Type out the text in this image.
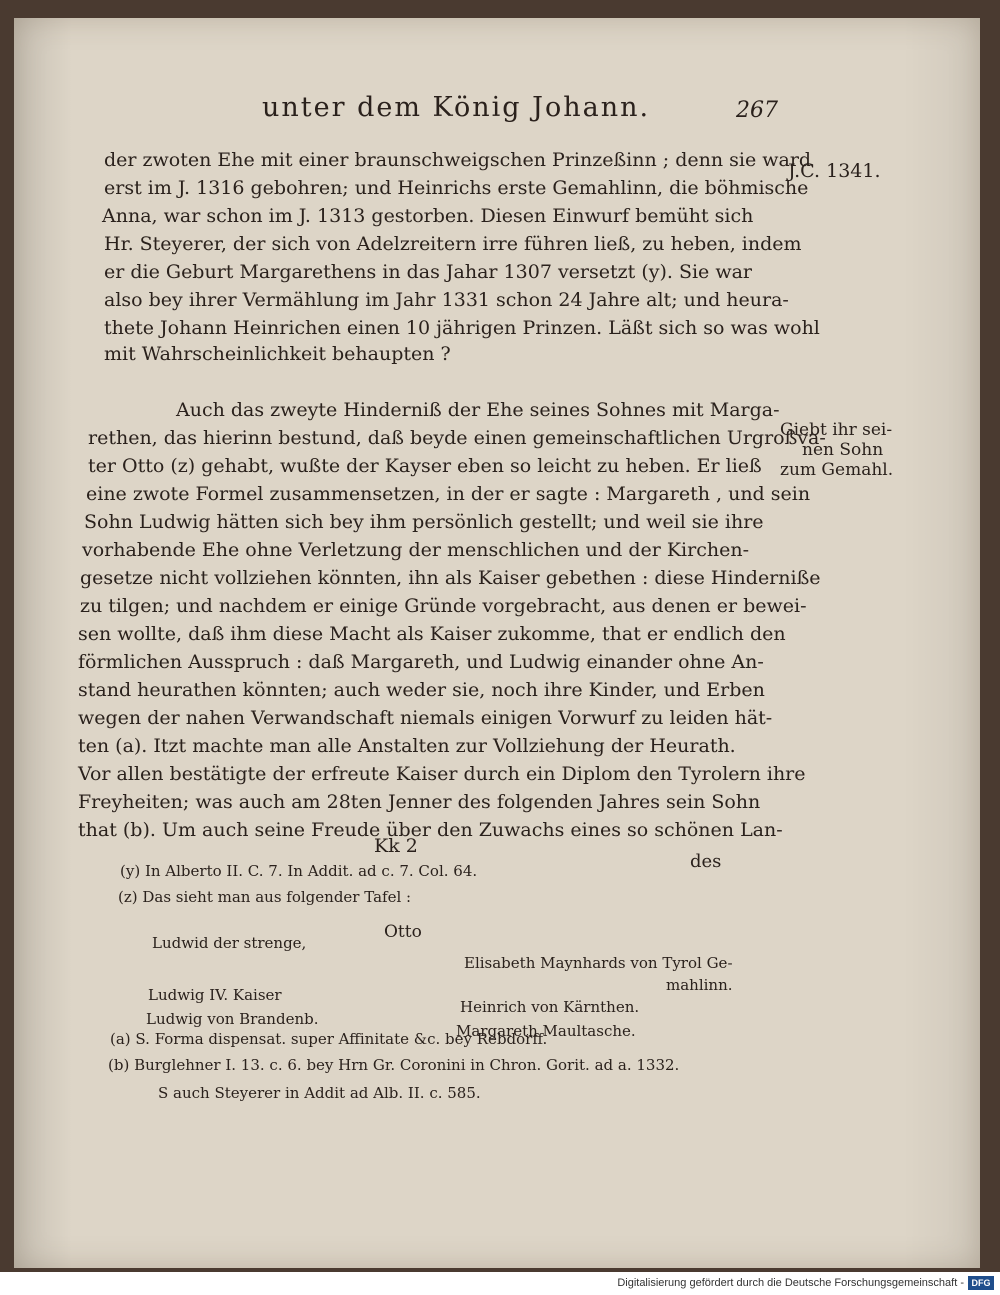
unter dem König Johann.	267
der zwoten Ehe mit einer braunschweigschen Prinzeßinn ; denn sie ward
erst im J. 1316 gebohren; und Heinrichs erste Gemahlinn, die böhmische
Anna, war schon im J. 1313 gestorben. Diesen Einwurf bemüht sich
Hr. Steyerer, der sich von Adelzreitern irre führen ließ, zu heben, indem
er die Geburt Margarethens in das Jahar 1307 versetzt (y). Sie war
also bey ihrer Vermählung im Jahr 1331 schon 24 Jahre alt; und heura-
thete Johann Heinrichen einen 10 jährigen Prinzen. Läßt sich so was wohl
mit Wahrscheinlichkeit behaupten ?
Auch das zweyte Hinderniß der Ehe seines Sohnes mit Marga-
rethen, das hierinn bestund, daß beyde einen gemeinschaftlichen Urgroßva-
ter Otto (z) gehabt, wußte der Kayser eben so leicht zu heben. Er ließ
eine zwote Formel zusammensetzen, in der er sagte : Margareth , und sein
Sohn Ludwig hätten sich bey ihm persönlich gestellt; und weil sie ihre
vorhabende Ehe ohne Verletzung der menschlichen und der Kirchen-
gesetze nicht vollziehen könnten, ihn als Kaiser gebethen : diese Hinderniße
zu tilgen; und nachdem er einige Gründe vorgebracht, aus denen er bewei-
sen wollte, daß ihm diese Macht als Kaiser zukomme, that er endlich den
förmlichen Ausspruch : daß Margareth, und Ludwig einander ohne An-
stand heurathen könnten; auch weder sie, noch ihre Kinder, und Erben
wegen der nahen Verwandschaft niemals einigen Vorwurf zu leiden hät-
ten (a). Itzt machte man alle Anstalten zur Vollziehung der Heurath.
Vor allen bestätigte der erfreute Kaiser durch ein Diplom den Tyrolern ihre
Freyheiten; was auch am 28ten Jenner des folgenden Jahres sein Sohn
that (b). Um auch seine Freude über den Zuwachs eines so schönen Lan-
Kk 2
des
J.C. 1341.
Giebt ihr sei-
nen Sohn
zum Gemahl.
(y) In Alberto II. C. 7. In Addit. ad c. 7. Col. 64.
(z) Das sieht man aus folgender Tafel :
Otto
Ludwid der strenge,
Elisabeth Maynhards von Tyrol Ge-
mahlinn.
Ludwig IV. Kaiser
Heinrich von Kärnthen.
Ludwig von Brandenb.
Margareth Maultasche.
(a) S. Forma dispensat. super Affinitate &c. bey Rebdorff.
(b) Burglehner I. 13. c. 6. bey Hrn Gr. Coronini in Chron. Gorit. ad a. 1332.
S auch Steyerer in Addit ad Alb. II. c. 585.
Digitalisierung gefördert durch die Deutsche Forschungsgemeinschaft - DFG
